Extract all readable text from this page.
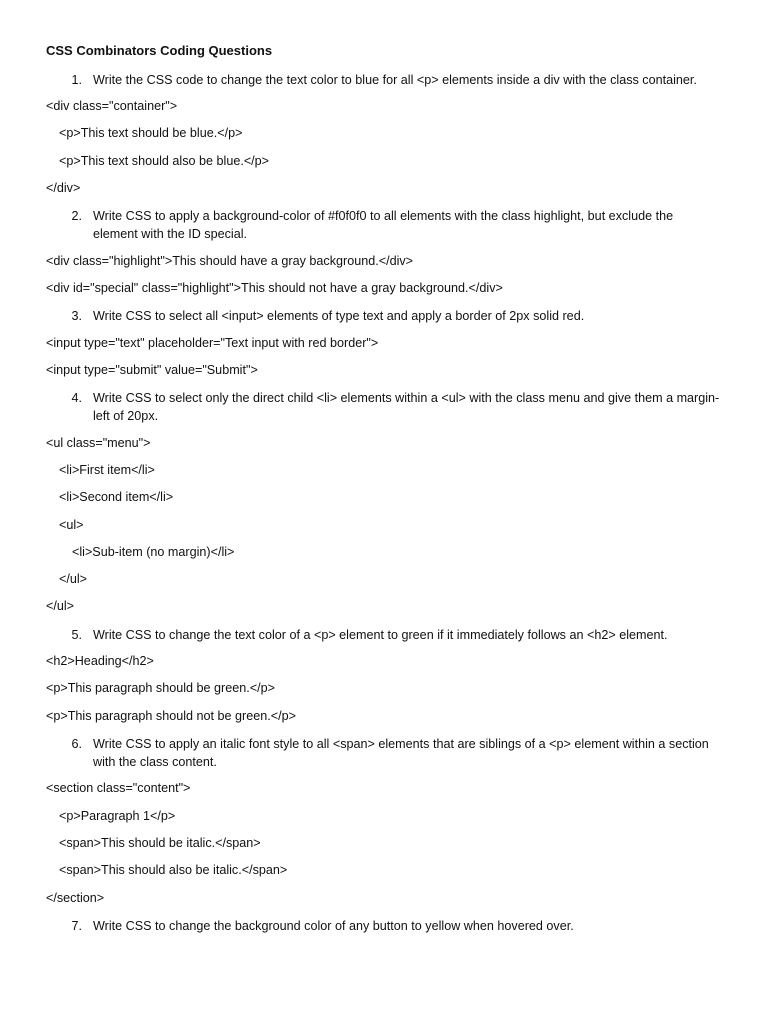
CSS Combinators Coding Questions
1. Write the CSS code to change the text color to blue for all <p> elements inside a div with the class container.
<div class="container">
<p>This text should be blue.</p>
<p>This text should also be blue.</p>
</div>
2. Write CSS to apply a background-color of #f0f0f0 to all elements with the class highlight, but exclude the element with the ID special.
<div class="highlight">This should have a gray background.</div>
<div id="special" class="highlight">This should not have a gray background.</div>
3. Write CSS to select all <input> elements of type text and apply a border of 2px solid red.
<input type="text" placeholder="Text input with red border">
<input type="submit" value="Submit">
4. Write CSS to select only the direct child <li> elements within a <ul> with the class menu and give them a margin-left of 20px.
<ul class="menu">
<li>First item</li>
<li>Second item</li>
<ul>
<li>Sub-item (no margin)</li>
</ul>
</ul>
5. Write CSS to change the text color of a <p> element to green if it immediately follows an <h2> element.
<h2>Heading</h2>
<p>This paragraph should be green.</p>
<p>This paragraph should not be green.</p>
6. Write CSS to apply an italic font style to all <span> elements that are siblings of a <p> element within a section with the class content.
<section class="content">
<p>Paragraph 1</p>
<span>This should be italic.</span>
<span>This should also be italic.</span>
</section>
7. Write CSS to change the background color of any button to yellow when hovered over.
